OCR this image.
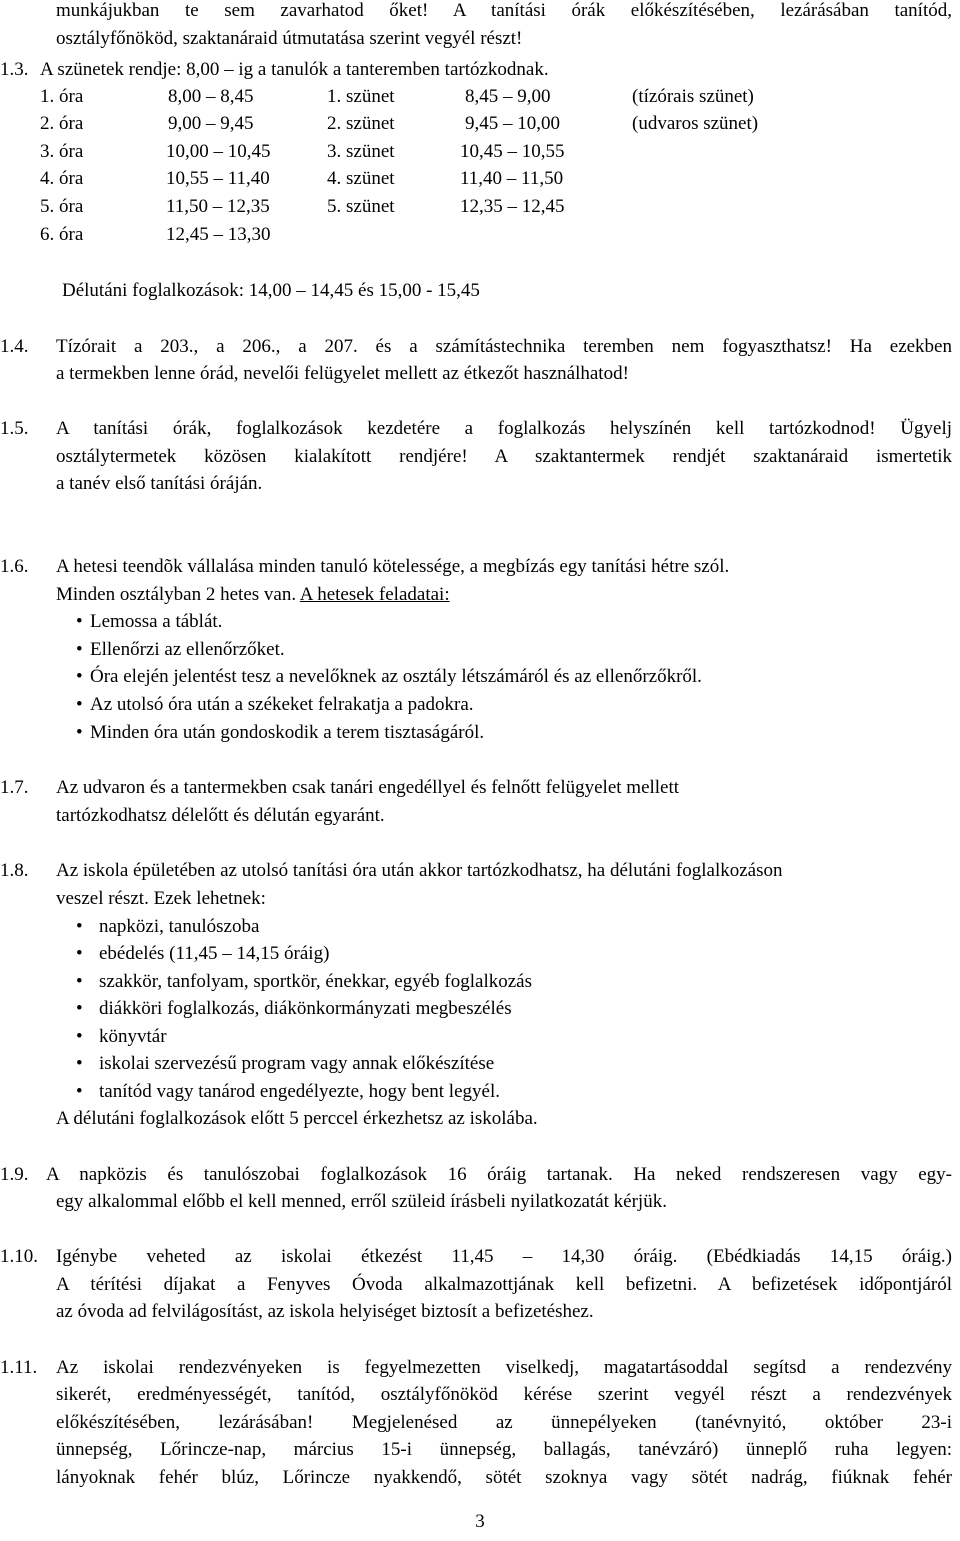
munkájukban te sem zavarhatod őket! A tanítási órák előkészítésében, lezárásában tanítód,
osztályfőnököd, szaktanáraid útmutatása szerint vegyél részt!
1.3. A szünetek rendje: 8,00 – ig a tanulók a tanteremben tartózkodnak.
1. óra	8,00 – 8,45	1. szünet	8,45 – 9,00	(tízórais szünet)
2. óra	9,00 – 9,45	2. szünet	9,45 – 10,00	(udvaros szünet)
3. óra	10,00 – 10,45	3. szünet	10,45 – 10,55
4. óra	10,55 – 11,40	4. szünet	11,40 – 11,50
5. óra	11,50 – 12,35	5. szünet	12,35 – 12,45
6. óra	12,45 – 13,30
Délutáni foglalkozások: 14,00 – 14,45 és 15,00 - 15,45
1.4. Tízórait a 203., a 206., a 207. és a számítástechnika teremben nem fogyaszthatsz! Ha ezekben
a termekben lenne órád, nevelői felügyelet mellett az étkezőt használhatod!
1.5. A tanítási órák, foglalkozások kezdetére a foglalkozás helyszínén kell tartózkodnod! Ügyelj
osztálytermetek közösen kialakított rendjére! A szaktantermek rendjét szaktanáraid ismertetik
a tanév első tanítási óráján.
1.6. A hetesi teendõk vállalása minden tanuló kötelessége, a megbízás egy tanítási hétre szól.
Minden osztályban 2 hetes van. A hetesek feladatai:
• Lemossa a táblát.
• Ellenőrzi az ellenőrzőket.
• Óra elején jelentést tesz a nevelőknek az osztály létszámáról és az ellenőrzőkről.
• Az utolsó óra után a székeket felrakatja a padokra.
• Minden óra után gondoskodik a terem tisztaságáról.
1.7. Az udvaron és a tantermekben csak tanári engedéllyel és felnőtt felügyelet mellett
tartózkodhatsz délelőtt és délután egyaránt.
1.8. Az iskola épületében az utolsó tanítási óra után akkor tartózkodhatsz, ha délutáni foglalkozáson
veszel részt. Ezek lehetnek:
• napközi, tanulószoba
• ebédelés (11,45 – 14,15 óráig)
• szakkör, tanfolyam, sportkör, énekkar, egyéb foglalkozás
• diákköri foglalkozás, diákönkormányzati megbeszélés
• könyvtár
• iskolai szervezésű program vagy annak előkészítése
• tanítód vagy tanárod engedélyezte, hogy bent legyél.
A délutáni foglalkozások előtt 5 perccel érkezhetsz az iskolába.
1.9. A napközis és tanulószobai foglalkozások 16 óráig tartanak. Ha neked rendszeresen vagy egy-
egy alkalommal előbb el kell menned, erről szüleid írásbeli nyilatkozatát kérjük.
1.10. Igénybe veheted az iskolai étkezést 11,45 – 14,30 óráig. (Ebédkiadás 14,15 óráig.)
A térítési díjakat a Fenyves Óvoda alkalmazottjának kell befizetni. A befizetések időpontjáról
az óvoda ad felvilágosítást, az iskola helyiséget biztosít a befizetéshez.
1.11. Az iskolai rendezvényeken is fegyelmezetten viselkedj, magatartásoddal segítsd a rendezvény
sikerét, eredményességét, tanítód, osztályfőnököd kérése szerint vegyél részt a rendezvények
előkészítésében, lezárásában! Megjelenésed az ünnepélyeken (tanévnyitó, október 23-i
ünnepség, Lőrincze-nap, március 15-i ünnepség, ballagás, tanévzáró) ünneplő ruha legyen:
lányoknak fehér blúz, Lőrincze nyakkendő, sötét szoknya vagy sötét nadrág, fiúknak fehér
3
